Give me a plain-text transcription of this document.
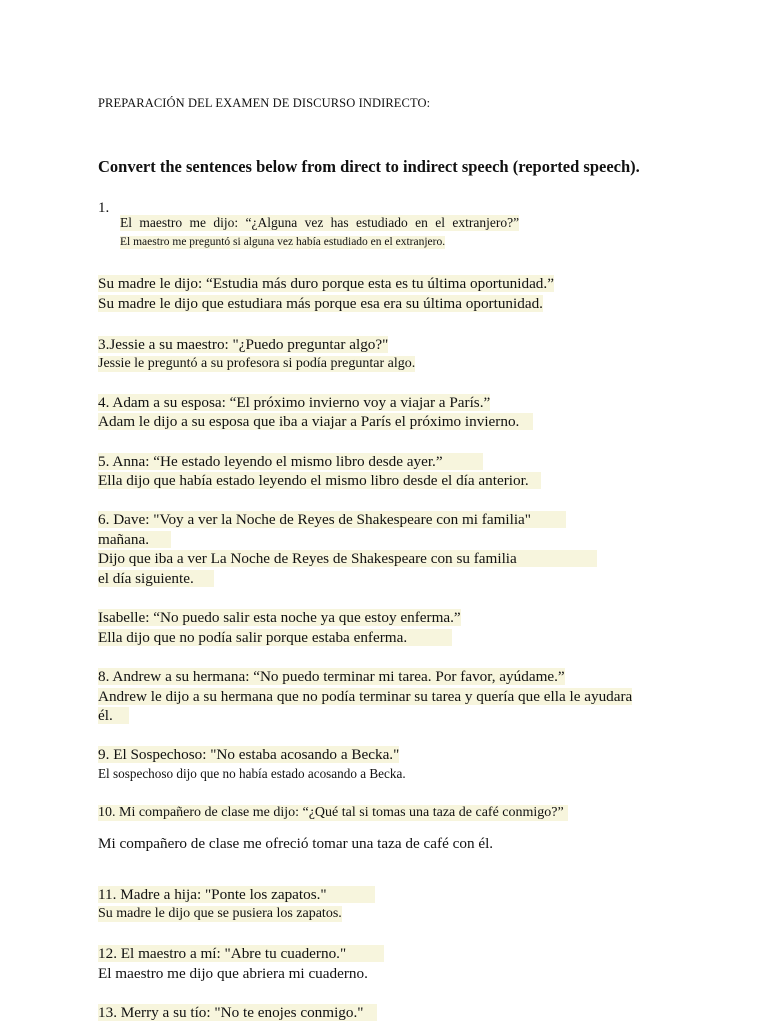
PREPARACIÓN DEL EXAMEN DE DISCURSO INDIRECTO:
Convert the sentences below from direct to indirect speech (reported speech).
1.
El maestro me dijo: “¿Alguna vez has estudiado en el extranjero?”
El maestro me preguntó si alguna vez había estudiado en el extranjero.
Su madre le dijo: “Estudia más duro porque esta es tu última oportunidad.”
Su madre le dijo que estudiara más porque esa era su última oportunidad.
3.Jessie a su maestro: "¿Puedo preguntar algo?"
Jessie le preguntó a su profesora si podía preguntar algo.
4. Adam a su esposa: “El próximo invierno voy a viajar a París.”
Adam le dijo a su esposa que iba a viajar a París el próximo invierno.
5. Anna: “He estado leyendo el mismo libro desde ayer.”
Ella dijo que había estado leyendo el mismo libro desde el día anterior.
6. Dave: "Voy a ver la Noche de Reyes de Shakespeare con mi familia"
mañana.
Dijo que iba a ver La Noche de Reyes de Shakespeare con su familia
el día siguiente.
Isabelle: “No puedo salir esta noche ya que estoy enferma.”
Ella dijo que no podía salir porque estaba enferma.
8. Andrew a su hermana: “No puedo terminar mi tarea. Por favor, ayúdame.”
Andrew le dijo a su hermana que no podía terminar su tarea y quería que ella le ayudara
él.
9. El Sospechoso: "No estaba acosando a Becka."
El sospechoso dijo que no había estado acosando a Becka.
10. Mi compañero de clase me dijo: “¿Qué tal si tomas una taza de café conmigo?”
Mi compañero de clase me ofreció tomar una taza de café con él.
11. Madre a hija: "Ponte los zapatos."
Su madre le dijo que se pusiera los zapatos.
12. El maestro a mí: "Abre tu cuaderno."
El maestro me dijo que abriera mi cuaderno.
13. Merry a su tío: "No te enojes conmigo."
